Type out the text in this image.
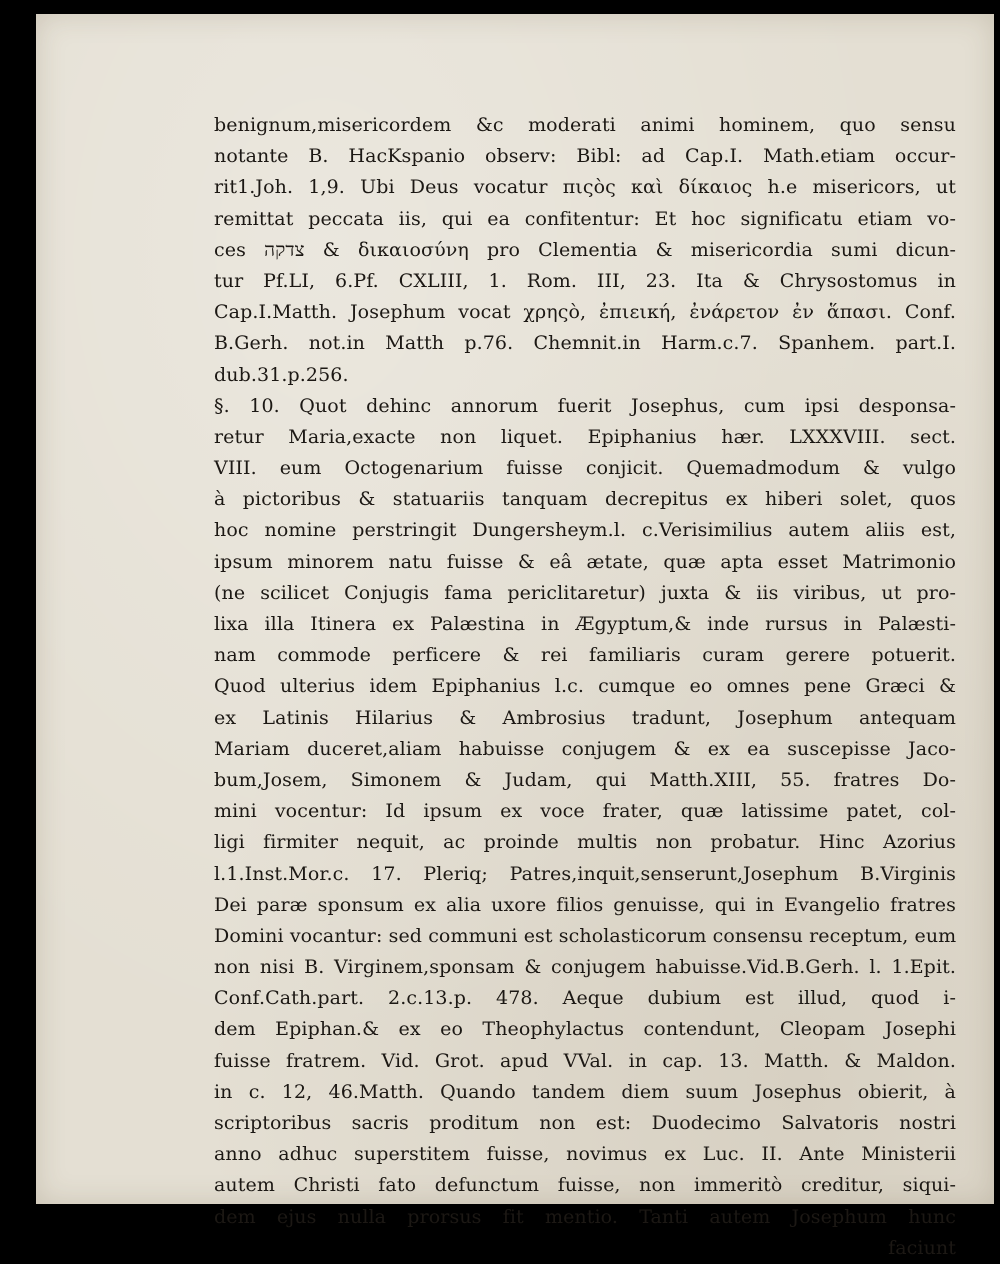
benignum,misericordem &c moderati animi hominem, quo sensu
notante B. HacKspanio observ: Bibl: ad Cap.I. Math.etiam occur-
rit1.Joh. 1,9. Ubi Deus vocatur πιςὸς καὶ δίκαιος h.e misericors, ut
remittat peccata iis, qui ea confitentur: Et hoc significatu etiam vo-
ces צדקה & δικαιοσύνη pro Clementia & misericordia sumi dicun-
tur Pf.LI, 6.Pf. CXLIII, 1. Rom. III, 23. Ita & Chrysostomus in
Cap.I.Matth. Josephum vocat χρηςὸ, ἐπιεική, ἐνάρετον ἐν ἅπασι. Conf.
B.Gerh. not.in Matth p.76. Chemnit.in Harm.c.7. Spanhem. part.I.
dub.31.p.256.
§. 10. Quot dehinc annorum fuerit Josephus, cum ipsi desponsa-
retur Maria,exacte non liquet. Epiphanius hær. LXXXVIII. sect.
VIII. eum Octogenarium fuisse conjicit. Quemadmodum & vulgo
à pictoribus & statuariis tanquam decrepitus ex hiberi solet, quos
hoc nomine perstringit Dungersheym.l. c.Verisimilius autem aliis est,
ipsum minorem natu fuisse & eâ ætate, quæ apta esset Matrimonio
(ne scilicet Conjugis fama periclitaretur) juxta & iis viribus, ut pro-
lixa illa Itinera ex Palæstina in Ægyptum,& inde rursus in Palæsti-
nam commode perficere & rei familiaris curam gerere potuerit.
Quod ulterius idem Epiphanius l.c. cumque eo omnes pene Græci &
ex Latinis Hilarius & Ambrosius tradunt, Josephum antequam
Mariam duceret,aliam habuisse conjugem & ex ea suscepisse Jaco-
bum,Josem, Simonem & Judam, qui Matth.XIII, 55. fratres Do-
mini vocentur: Id ipsum ex voce frater, quæ latissime patet, col-
ligi firmiter nequit, ac proinde multis non probatur. Hinc Azorius
l.1.Inst.Mor.c. 17. Pleriq; Patres,inquit,senserunt,Josephum B.Virginis
Dei paræ sponsum ex alia uxore filios genuisse, qui in Evangelio fratres
Domini vocantur: sed communi est scholasticorum consensu receptum, eum
non nisi B. Virginem,sponsam & conjugem habuisse.Vid.B.Gerh. l. 1.Epit.
Conf.Cath.part. 2.c.13.p. 478. Aeque dubium est illud, quod i-
dem Epiphan.& ex eo Theophylactus contendunt, Cleopam Josephi
fuisse fratrem. Vid. Grot. apud VVal. in cap. 13. Matth. & Maldon.
in c. 12, 46.Matth. Quando tandem diem suum Josephus obierit, à
scriptoribus sacris proditum non est: Duodecimo Salvatoris nostri
anno adhuc superstitem fuisse, novimus ex Luc. II. Ante Ministerii
autem Christi fato defunctum fuisse, non immeritò creditur, siqui-
dem ejus nulla prorsus fit mentio. Tanti autem Josephum hunc
faciunt
